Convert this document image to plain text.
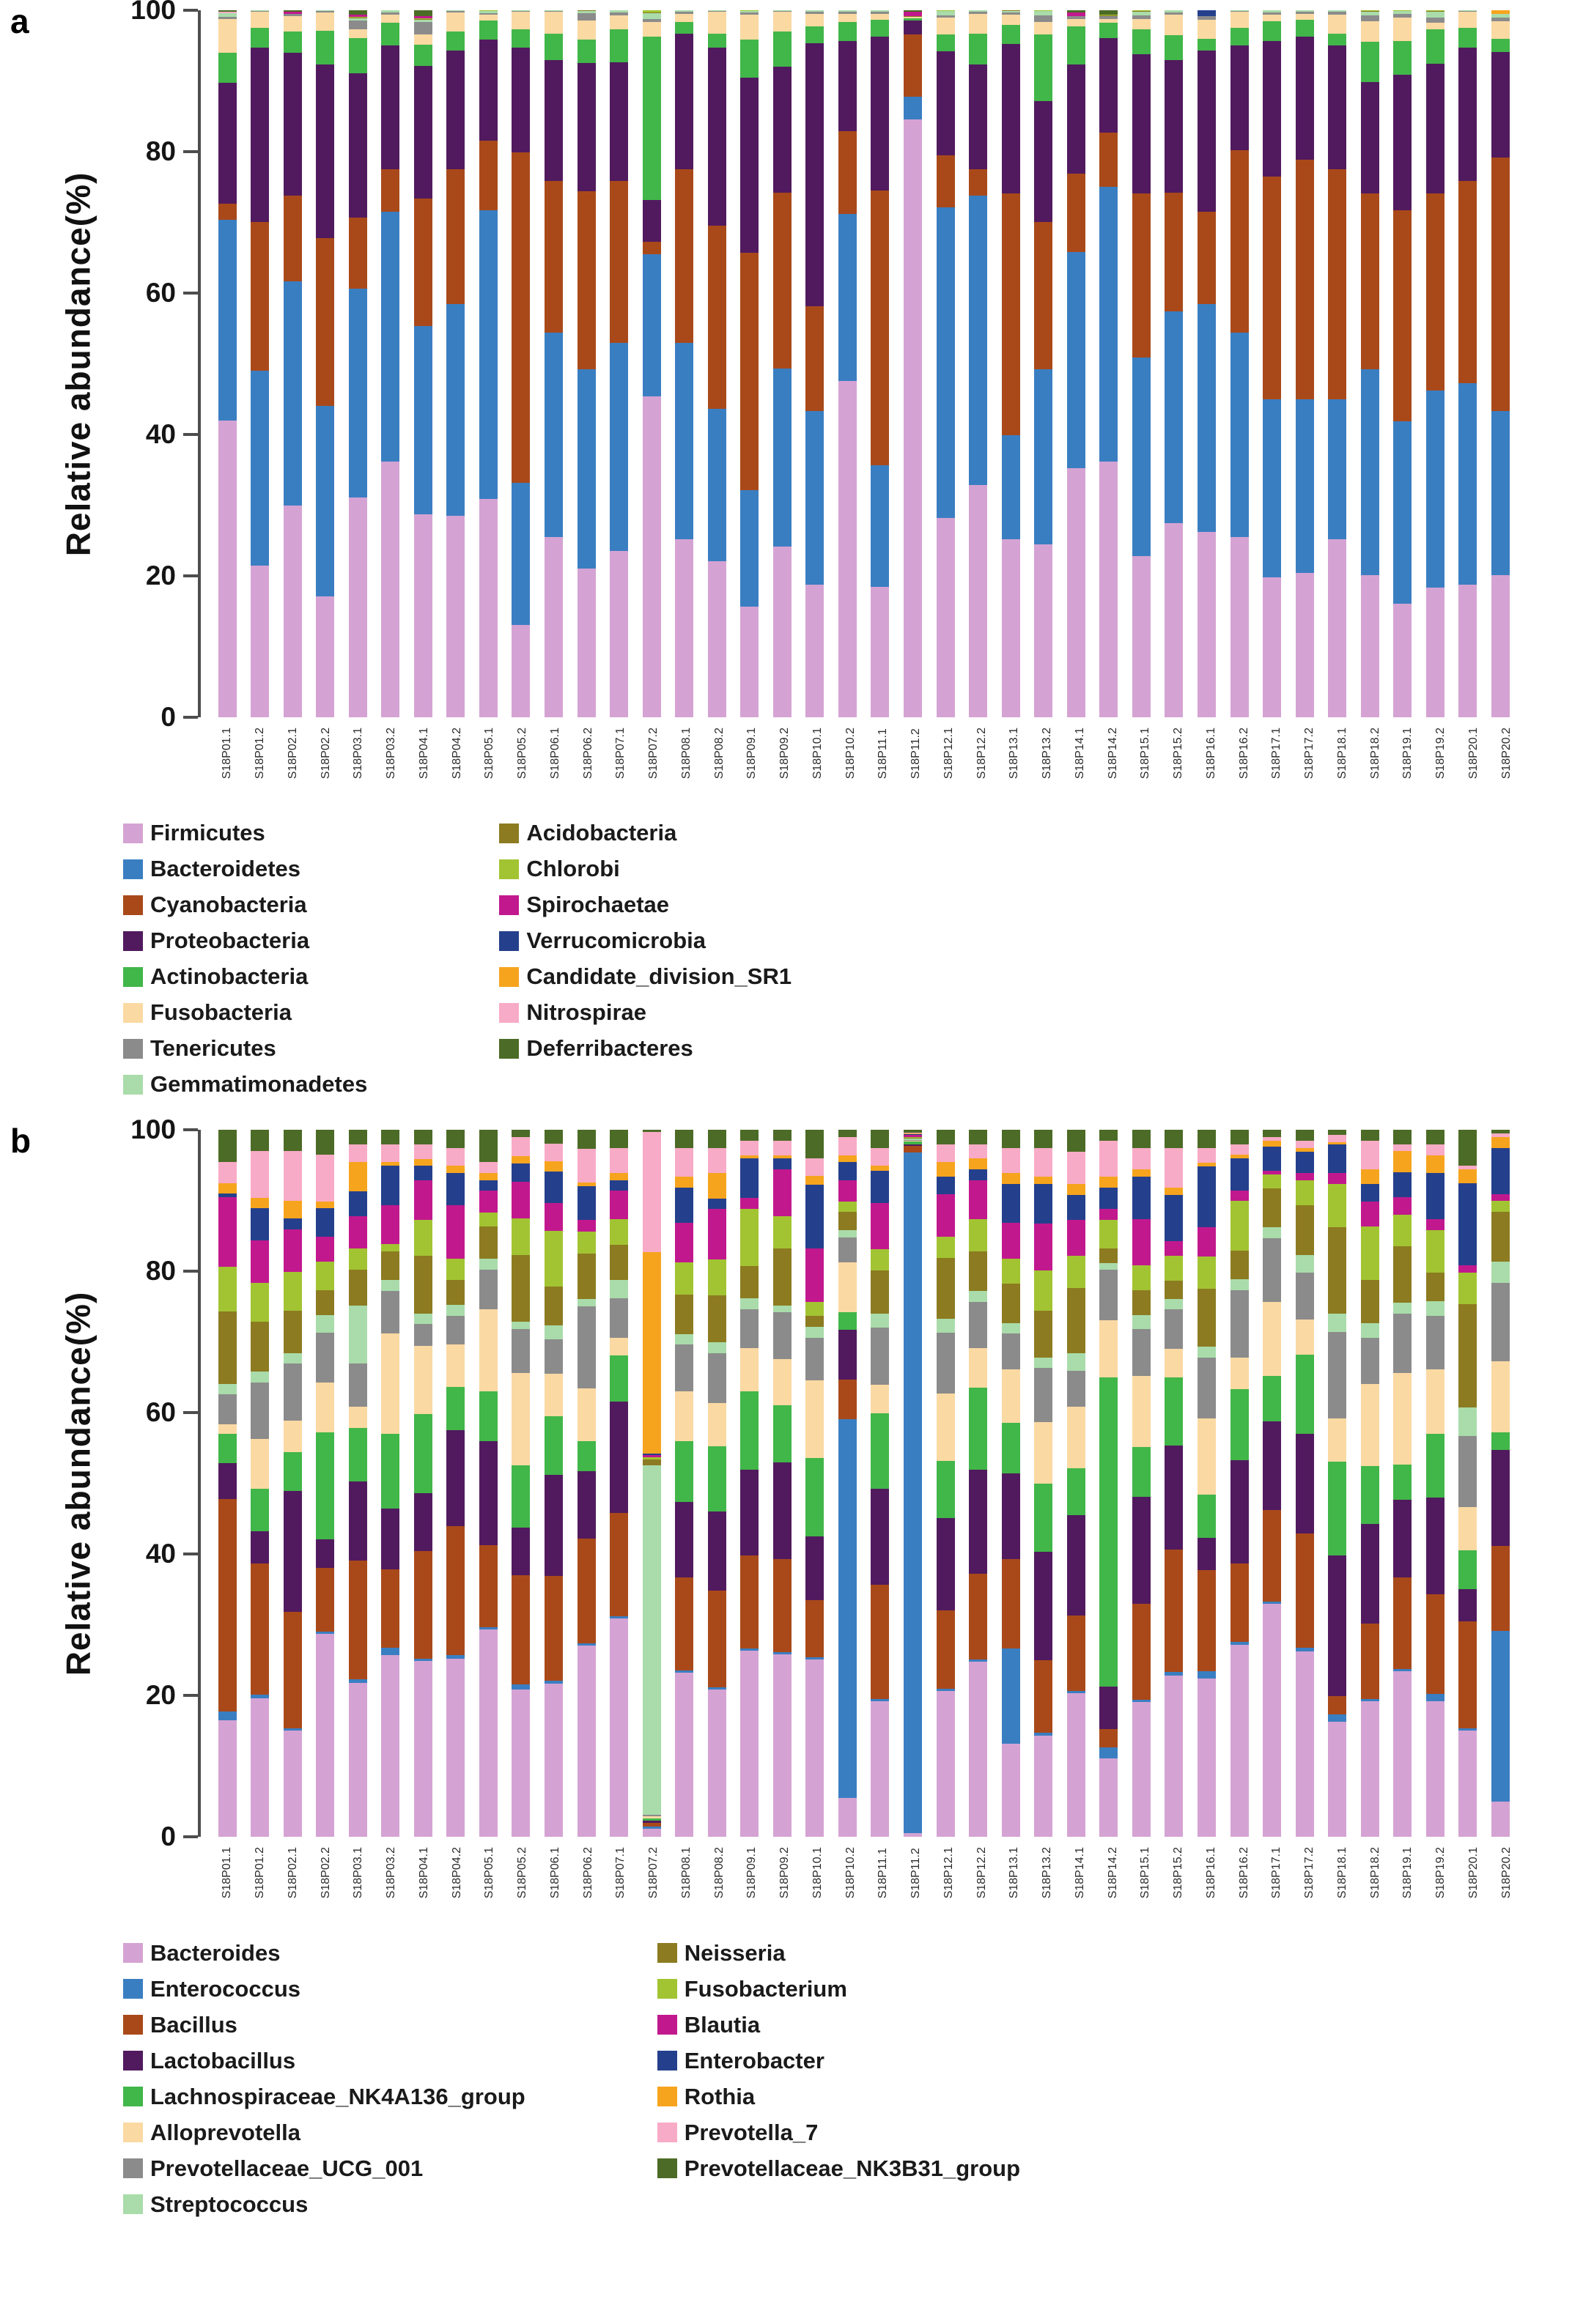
a
Relative abundance(%)
0
20
40
60
80
100
S18P01.1 S18P01.2 S18P02.1 S18P02.2 S18P03.1 S18P03.2 S18P04.1 S18P04.2 S18P05.1 S18P05.2 S18P06.1 S18P06.2 S18P07.1 S18P07.2 S18P08.1 S18P08.2 S18P09.1 S18P09.2 S18P10.1 S18P10.2 S18P11.1 S18P11.2 S18P12.1 S18P12.2 S18P13.1 S18P13.2 S18P14.1 S18P14.2 S18P15.1 S18P15.2 S18P16.1 S18P16.2 S18P17.1 S18P17.2 S18P18.1 S18P18.2 S18P19.1 S18P19.2 S18P20.1 S18P20.2
Firmicutes
Bacteroidetes
Cyanobacteria
Proteobacteria
Actinobacteria
Fusobacteria
Tenericutes
Gemmatimonadetes
Acidobacteria
Chlorobi
Spirochaetae
Verrucomicrobia
Candidate_division_SR1
Nitrospirae
Deferribacteres
b
Relative abundance(%)
0
20
40
60
80
100
S18P01.1 S18P01.2 S18P02.1 S18P02.2 S18P03.1 S18P03.2 S18P04.1 S18P04.2 S18P05.1 S18P05.2 S18P06.1 S18P06.2 S18P07.1 S18P07.2 S18P08.1 S18P08.2 S18P09.1 S18P09.2 S18P10.1 S18P10.2 S18P11.1 S18P11.2 S18P12.1 S18P12.2 S18P13.1 S18P13.2 S18P14.1 S18P14.2 S18P15.1 S18P15.2 S18P16.1 S18P16.2 S18P17.1 S18P17.2 S18P18.1 S18P18.2 S18P19.1 S18P19.2 S18P20.1 S18P20.2
Bacteroides
Enterococcus
Bacillus
Lactobacillus
Lachnospiraceae_NK4A136_group
Alloprevotella
Prevotellaceae_UCG_001
Streptococcus
Neisseria
Fusobacterium
Blautia
Enterobacter
Rothia
Prevotella_7
Prevotellaceae_NK3B31_group
